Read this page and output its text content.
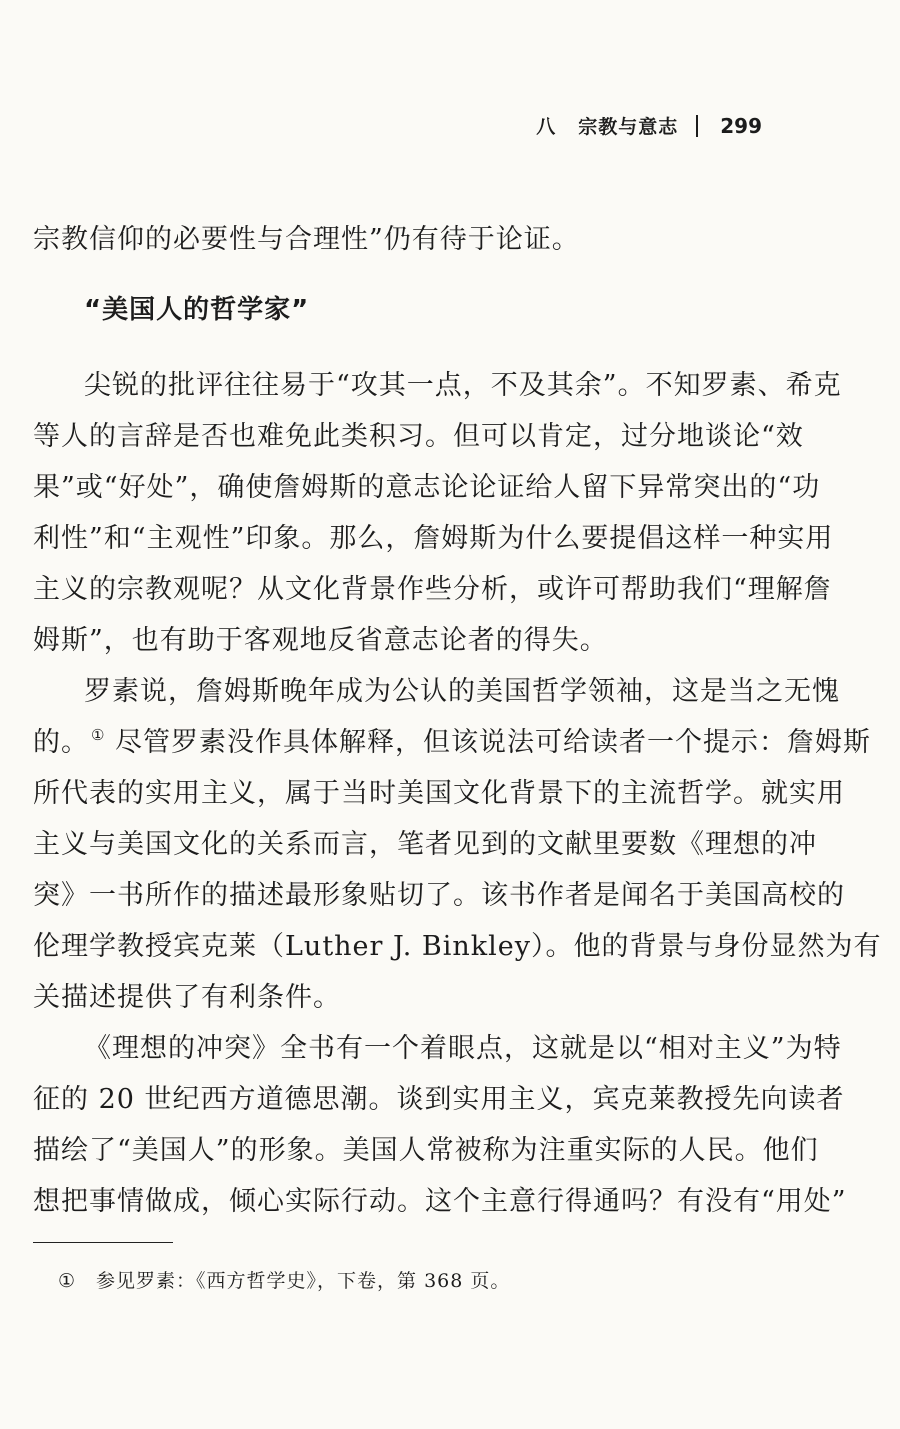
八 宗教与意志 299
宗教信仰的必要性与合理性”仍有待于论证。
“美国人的哲学家”
尖锐的批评往往易于“攻其一点，不及其余”。不知罗素、希克
等人的言辞是否也难免此类积习。但可以肯定，过分地谈论“效
果”或“好处”，确使詹姆斯的意志论论证给人留下异常突出的“功
利性”和“主观性”印象。那么，詹姆斯为什么要提倡这样一种实用
主义的宗教观呢？从文化背景作些分析，或许可帮助我们“理解詹
姆斯”，也有助于客观地反省意志论者的得失。
罗素说，詹姆斯晚年成为公认的美国哲学领袖，这是当之无愧
的。 ① 尽管罗素没作具体解释，但该说法可给读者一个提示：詹姆斯
所代表的实用主义，属于当时美国文化背景下的主流哲学。就实用
主义与美国文化的关系而言，笔者见到的文献里要数《理想的冲
突》一书所作的描述最形象贴切了。该书作者是闻名于美国高校的
伦理学教授宾克莱（Luther J. Binkley）。他的背景与身份显然为有
关描述提供了有利条件。
《理想的冲突》全书有一个着眼点，这就是以“相对主义”为特
征的 20 世纪西方道德思潮。谈到实用主义，宾克莱教授先向读者
描绘了“美国人”的形象。美国人常被称为注重实际的人民。他们
想把事情做成，倾心实际行动。这个主意行得通吗？有没有“用处”
① 参见罗素：《西方哲学史》，下卷，第 368 页。
